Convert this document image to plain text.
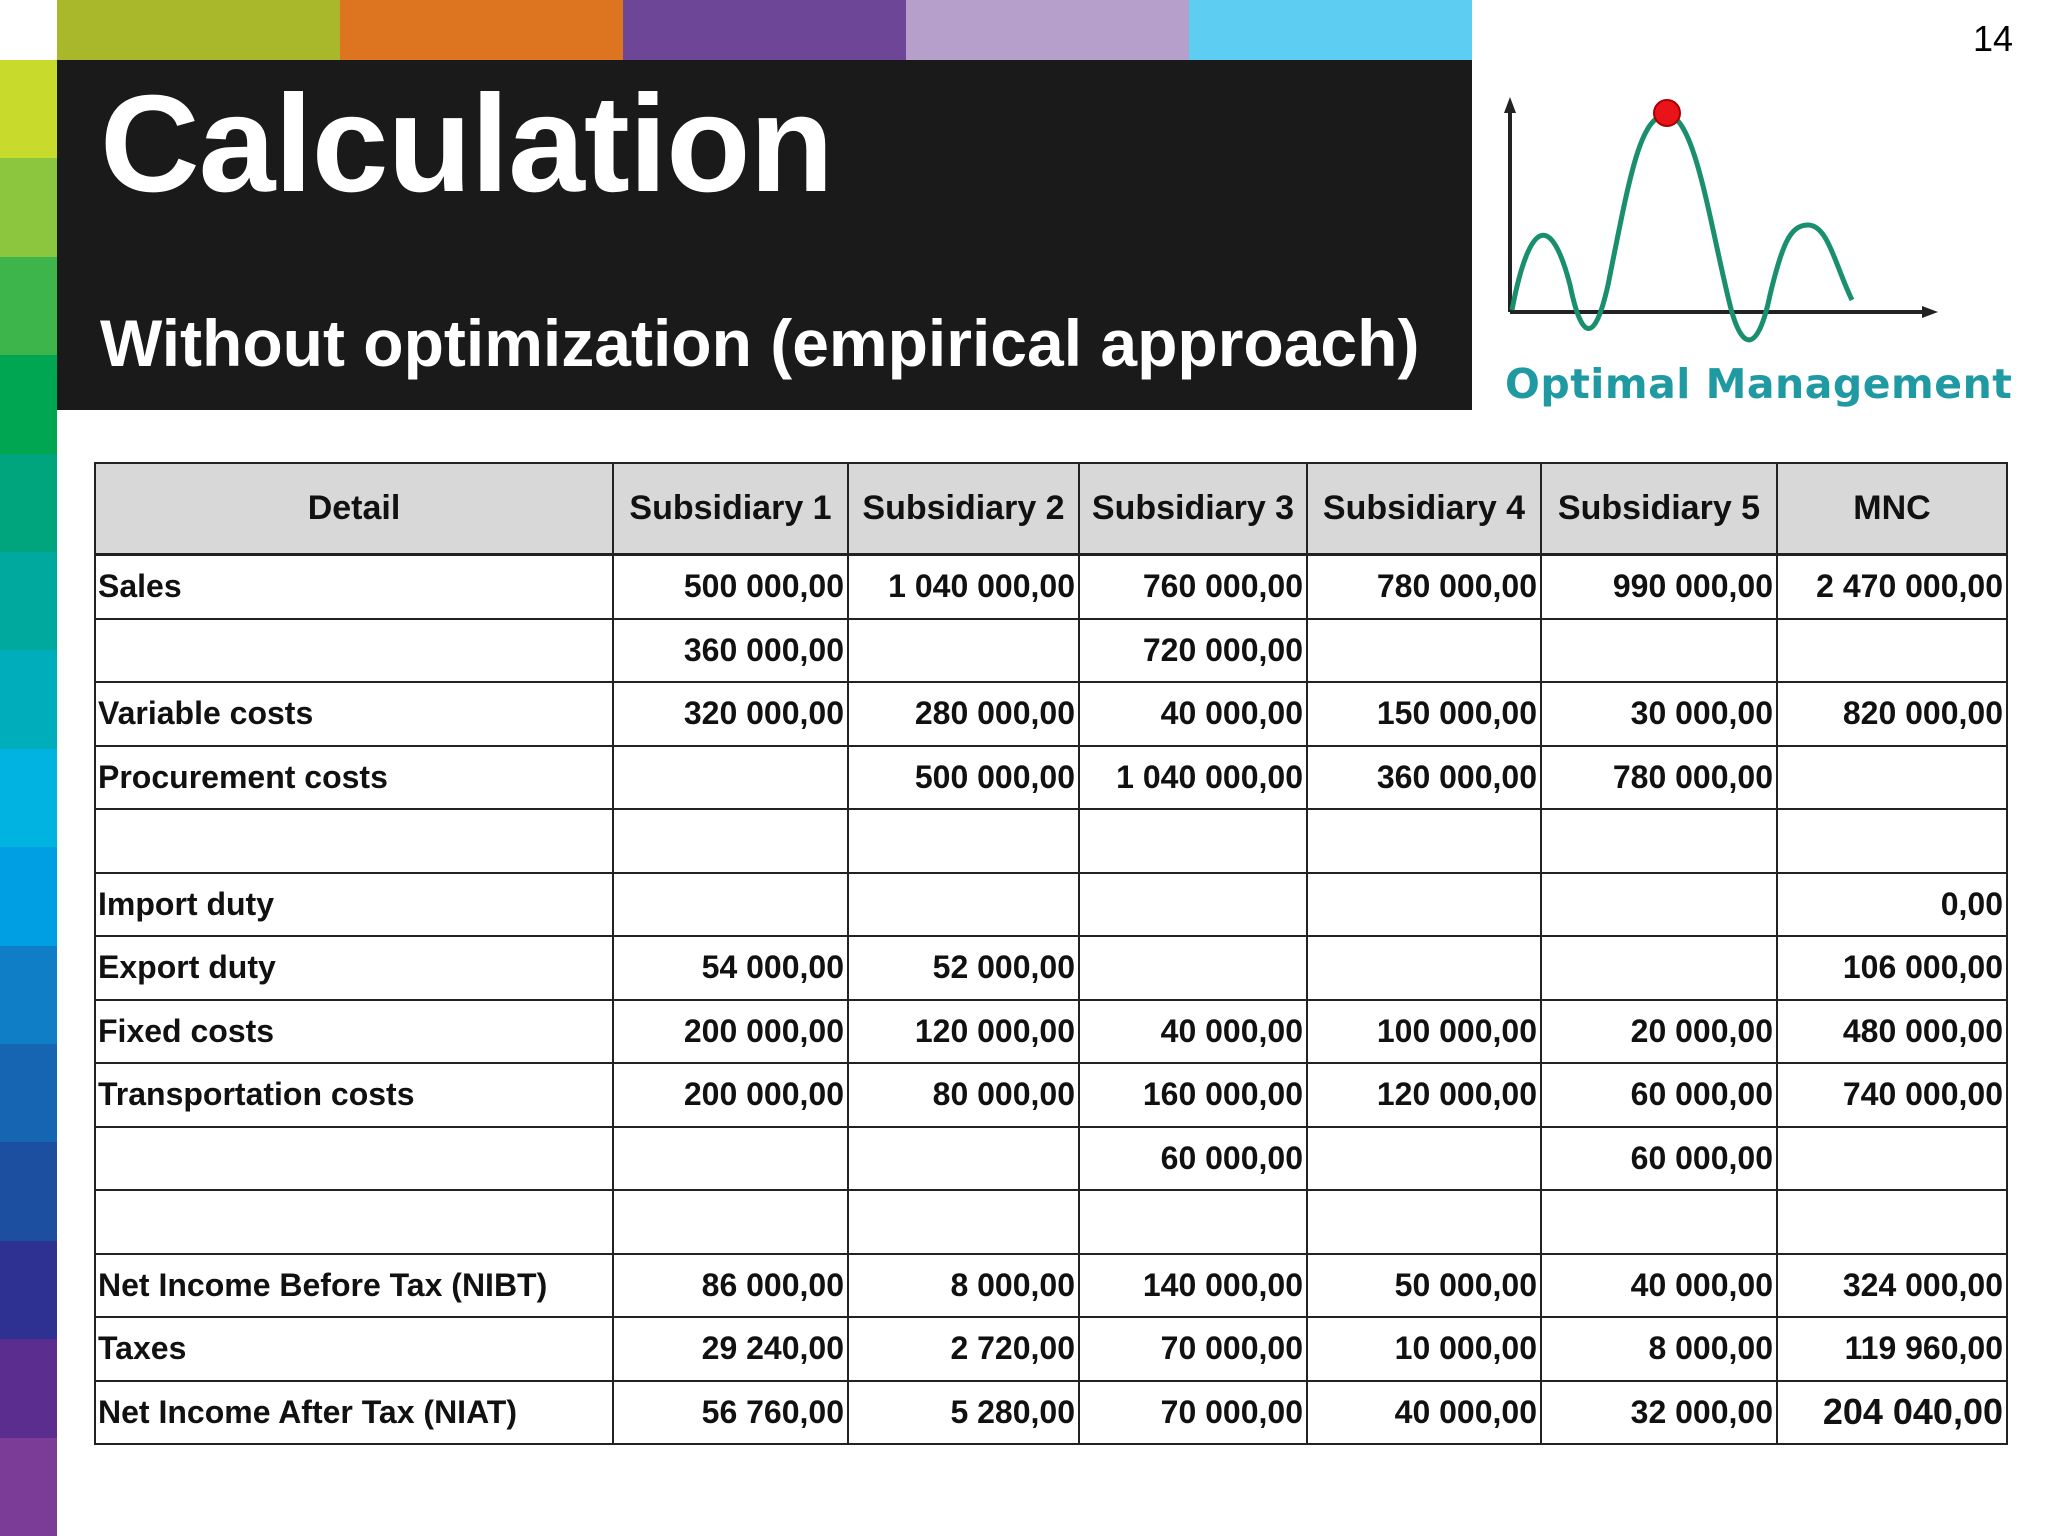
Calculation
Without optimization (empirical approach)
14
Optimal Management
Detail	Subsidiary 1	Subsidiary 2	Subsidiary 3	Subsidiary 4	Subsidiary 5	MNC
Sales	500 000,00	1 040 000,00	760 000,00	780 000,00	990 000,00	2 470 000,00
	360 000,00		720 000,00			
Variable costs	320 000,00	280 000,00	40 000,00	150 000,00	30 000,00	820 000,00
Procurement costs		500 000,00	1 040 000,00	360 000,00	780 000,00	

Import duty						0,00
Export duty	54 000,00	52 000,00				106 000,00
Fixed costs	200 000,00	120 000,00	40 000,00	100 000,00	20 000,00	480 000,00
Transportation costs	200 000,00	80 000,00	160 000,00	120 000,00	60 000,00	740 000,00
			60 000,00		60 000,00	

Net Income Before Tax (NIBT)	86 000,00	8 000,00	140 000,00	50 000,00	40 000,00	324 000,00
Taxes	29 240,00	2 720,00	70 000,00	10 000,00	8 000,00	119 960,00
Net Income After Tax (NIAT)	56 760,00	5 280,00	70 000,00	40 000,00	32 000,00	204 040,00
